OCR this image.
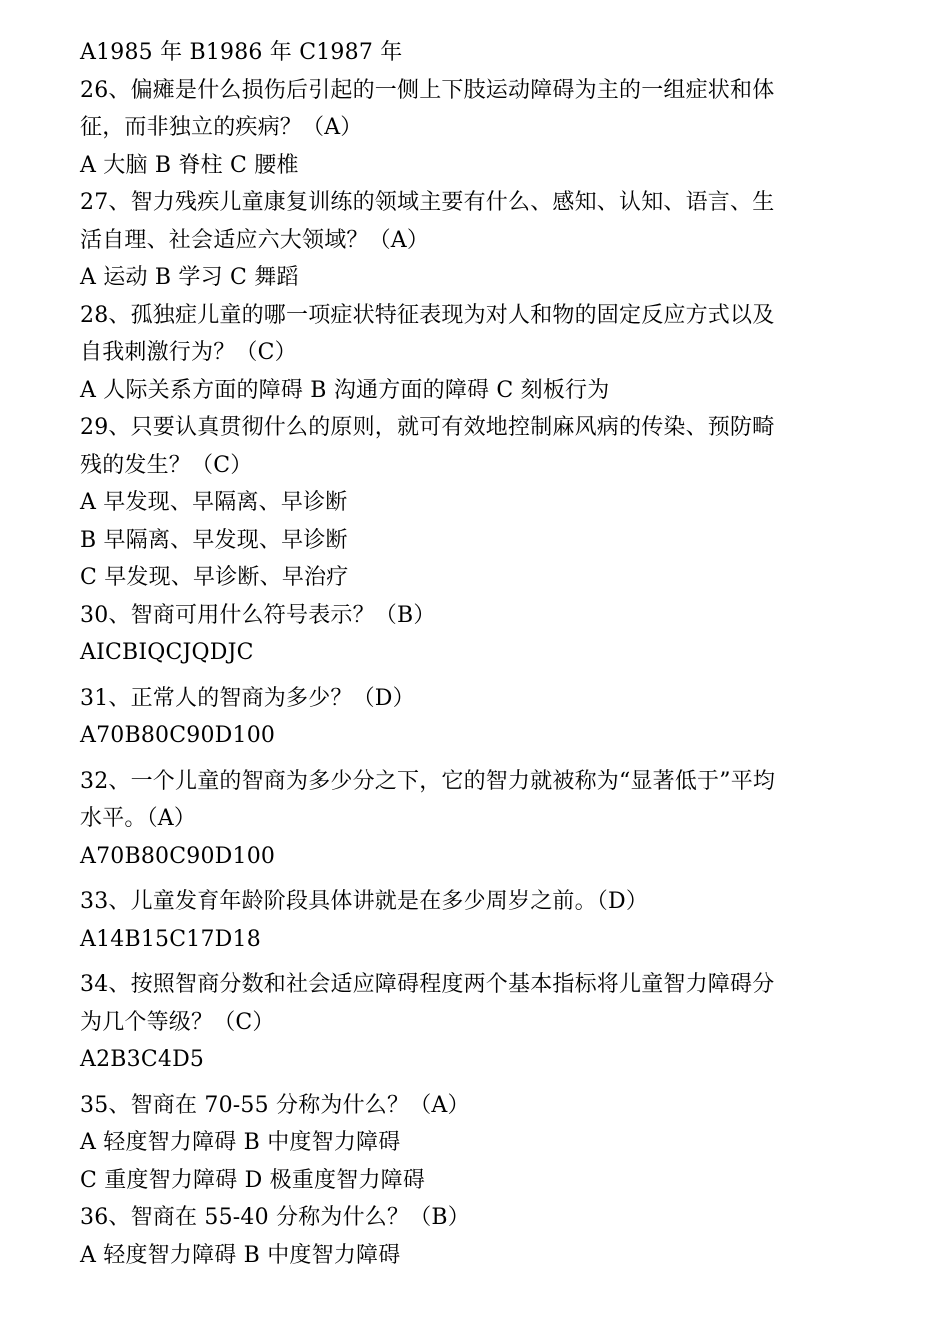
A1985 年 B1986 年 C1987 年
26、偏瘫是什么损伤后引起的一侧上下肢运动障碍为主的一组症状和体
征，而非独立的疾病？（A）
A 大脑 B 脊柱 C 腰椎
27、智力残疾儿童康复训练的领域主要有什么、感知、认知、语言、生
活自理、社会适应六大领域？（A）
A 运动 B 学习 C 舞蹈
28、孤独症儿童的哪一项症状特征表现为对人和物的固定反应方式以及
自我刺激行为？（C）
A 人际关系方面的障碍 B 沟通方面的障碍 C 刻板行为
29、只要认真贯彻什么的原则，就可有效地控制麻风病的传染、预防畸
残的发生？（C）
A 早发现、早隔离、早诊断
B 早隔离、早发现、早诊断
C 早发现、早诊断、早治疗
30、智商可用什么符号表示？（B）
AICBIQCJQDJC
31、正常人的智商为多少？（D）
A70B80C90D100
32、一个儿童的智商为多少分之下，它的智力就被称为“显著低于”平均
水平。（A）
A70B80C90D100
33、儿童发育年龄阶段具体讲就是在多少周岁之前。（D）
A14B15C17D18
34、按照智商分数和社会适应障碍程度两个基本指标将儿童智力障碍分
为几个等级？（C）
A2B3C4D5
35、智商在 70-55 分称为什么？（A）
A 轻度智力障碍 B 中度智力障碍
C 重度智力障碍 D 极重度智力障碍
36、智商在 55-40 分称为什么？（B）
A 轻度智力障碍 B 中度智力障碍
